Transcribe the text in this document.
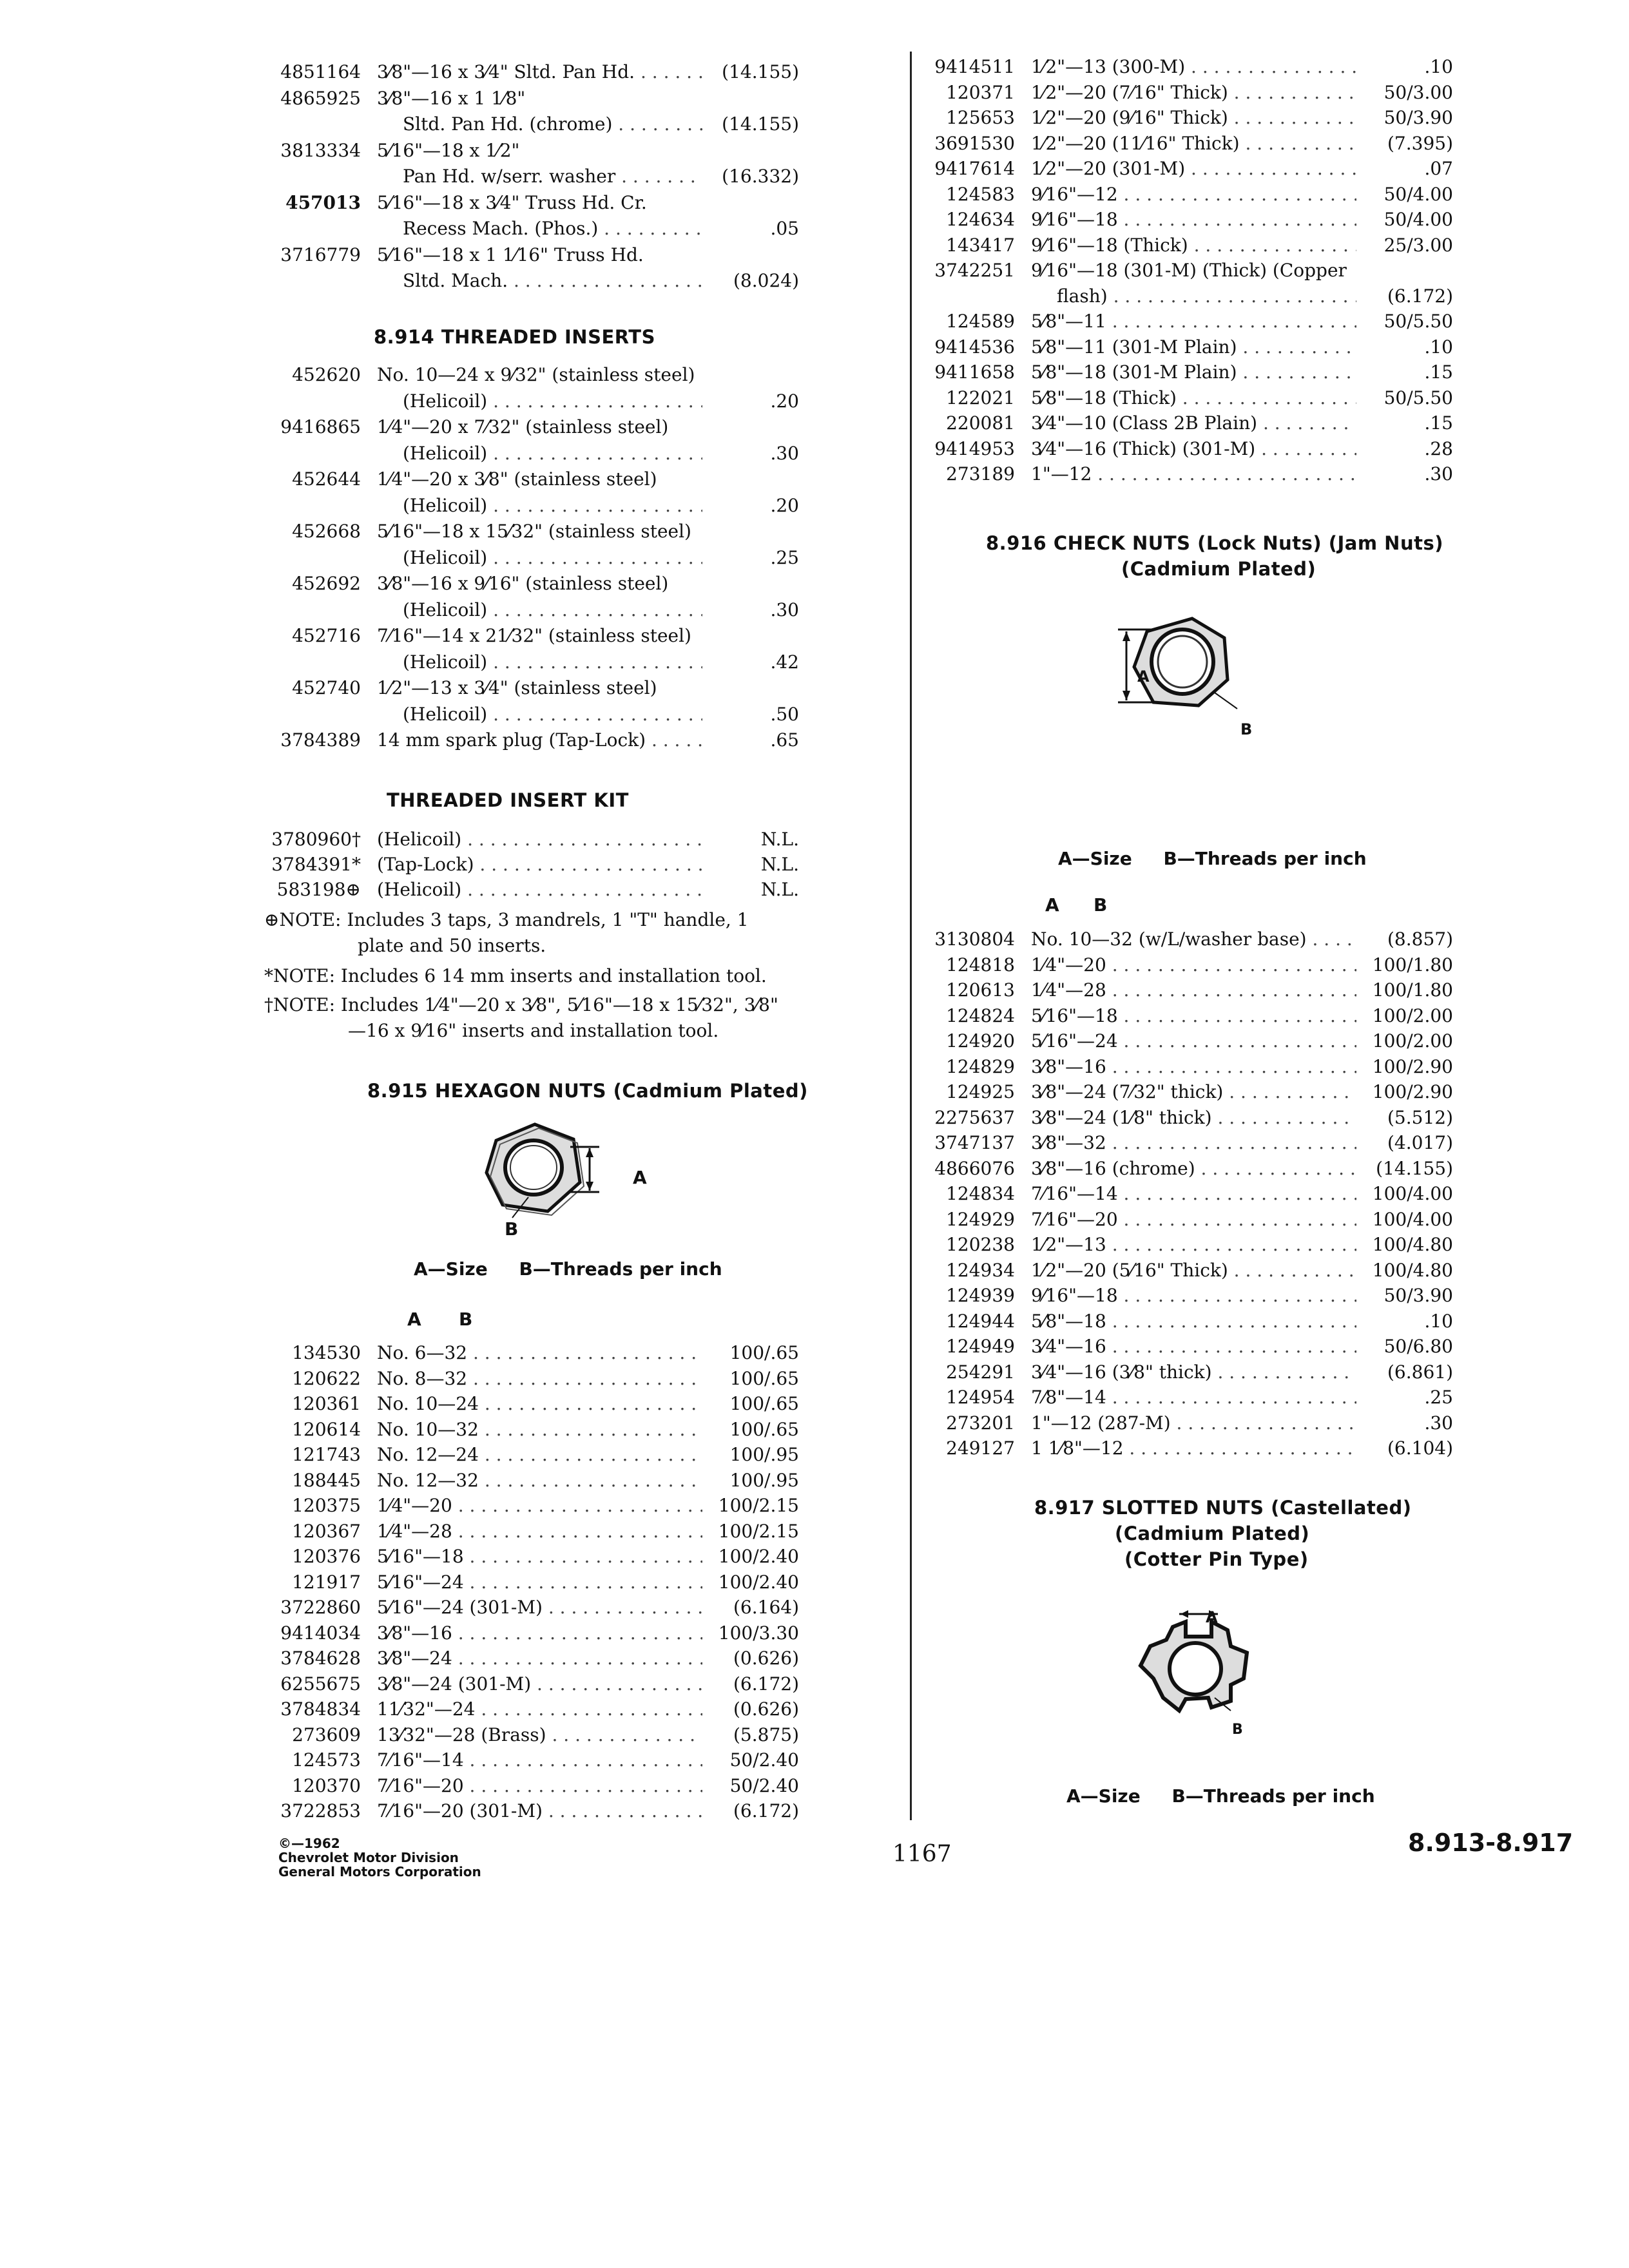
4851164 3⁄8"—16 x 3⁄4" Sltd. Pan Hd. . . .	(14.155)
4865925 3⁄8"—16 x 1 1⁄8"
Sltd. Pan Hd. (chrome) . . .	(14.155)
3813334 5⁄16"—18 x 1⁄2"
Pan Hd. w/serr. washer . . .	(16.332)
457013 5⁄16"—18 x 3⁄4" Truss Hd. Cr.
Recess Mach. (Phos.) . . .	.05
3716779 5⁄16"—18 x 1 1⁄16" Truss Hd.
Sltd. Mach. . . .	(8.024)
8.914 THREADED INSERTS
452620 No. 10—24 x 9⁄32" (stainless steel)
(Helicoil) . . .	.20
9416865 1⁄4"—20 x 7⁄32" (stainless steel)
(Helicoil) . . .	.30
452644 1⁄4"—20 x 3⁄8" (stainless steel)
(Helicoil) . . .	.20
452668 5⁄16"—18 x 15⁄32" (stainless steel)
(Helicoil) . . .	.25
452692 3⁄8"—16 x 9⁄16" (stainless steel)
(Helicoil) . . .	.30
452716 7⁄16"—14 x 21⁄32" (stainless steel)
(Helicoil) . . .	.42
452740 1⁄2"—13 x 3⁄4" (stainless steel)
(Helicoil) . . .	.50
3784389 14 mm spark plug (Tap-Lock) . . .	.65
THREADED INSERT KIT
3780960† (Helicoil) . . .	N.L.
3784391* (Tap-Lock) . . .	N.L.
583198⊕ (Helicoil) . . .	N.L.
⊕NOTE: Includes 3 taps, 3 mandrels, 1 "T" handle, 1
plate and 50 inserts.
*NOTE: Includes 6 14 mm inserts and installation tool.
†NOTE: Includes 1⁄4"—20 x 3⁄8", 5⁄16"—18 x 15⁄32", 3⁄8"
—16 x 9⁄16" inserts and installation tool.
8.915 HEXAGON NUTS (Cadmium Plated)
A
B
A—Size     B—Threads per inch
A B
134530 No. 6—32 . . .	100/.65
120622 No. 8—32 . . .	100/.65
120361 No. 10—24 . . .	100/.65
120614 No. 10—32 . . .	100/.65
121743 No. 12—24 . . .	100/.95
188445 No. 12—32 . . .	100/.95
120375 1⁄4"—20 . . .	100/2.15
120367 1⁄4"—28 . . .	100/2.15
120376 5⁄16"—18 . . .	100/2.40
121917 5⁄16"—24 . . .	100/2.40
3722860 5⁄16"—24 (301-M) . . .	(6.164)
9414034 3⁄8"—16 . . .	100/3.30
3784628 3⁄8"—24 . . .	(0.626)
6255675 3⁄8"—24 (301-M) . . .	(6.172)
3784834 11⁄32"—24 . . .	(0.626)
273609 13⁄32"—28 (Brass) . . .	(5.875)
124573 7⁄16"—14 . . .	50/2.40
120370 7⁄16"—20 . . .	50/2.40
3722853 7⁄16"—20 (301-M) . . .	(6.172)
©—1962
Chevrolet Motor Division
General Motors Corporation
1167
9414511 1⁄2"—13 (300-M) . . .	.10
120371 1⁄2"—20 (7⁄16" Thick) . . .	50/3.00
125653 1⁄2"—20 (9⁄16" Thick) . . .	50/3.90
3691530 1⁄2"—20 (11⁄16" Thick) . . .	(7.395)
9417614 1⁄2"—20 (301-M) . . .	.07
124583 9⁄16"—12 . . .	50/4.00
124634 9⁄16"—18 . . .	50/4.00
143417 9⁄16"—18 (Thick) . . .	25/3.00
3742251 9⁄16"—18 (301-M) (Thick) (Copper
flash) . . .	(6.172)
124589 5⁄8"—11 . . .	50/5.50
9414536 5⁄8"—11 (301-M Plain) . . .	.10
9411658 5⁄8"—18 (301-M Plain) . . .	.15
122021 5⁄8"—18 (Thick) . . .	50/5.50
220081 3⁄4"—10 (Class 2B Plain) . . .	.15
9414953 3⁄4"—16 (Thick) (301-M) . . .	.28
273189 1"—12 . . .	.30
8.916 CHECK NUTS (Lock Nuts) (Jam Nuts)
(Cadmium Plated)
A
B
A—Size     B—Threads per inch
A B
3130804 No. 10—32 (w/L/washer base) . . .	(8.857)
124818 1⁄4"—20 . . .	100/1.80
120613 1⁄4"—28 . . .	100/1.80
124824 5⁄16"—18 . . .	100/2.00
124920 5⁄16"—24 . . .	100/2.00
124829 3⁄8"—16 . . .	100/2.90
124925 3⁄8"—24 (7⁄32" thick) . . .	100/2.90
2275637 3⁄8"—24 (1⁄8" thick) . . .	(5.512)
3747137 3⁄8"—32 . . .	(4.017)
4866076 3⁄8"—16 (chrome) . . .	(14.155)
124834 7⁄16"—14 . . .	100/4.00
124929 7⁄16"—20 . . .	100/4.00
120238 1⁄2"—13 . . .	100/4.80
124934 1⁄2"—20 (5⁄16" Thick) . . .	100/4.80
124939 9⁄16"—18 . . .	50/3.90
124944 5⁄8"—18 . . .	.10
124949 3⁄4"—16 . . .	50/6.80
254291 3⁄4"—16 (3⁄8" thick) . . .	(6.861)
124954 7⁄8"—14 . . .	.25
273201 1"—12 (287-M) . . .	.30
249127 1 1⁄8"—12 . . .	(6.104)
8.917 SLOTTED NUTS (Castellated)
(Cadmium Plated)
(Cotter Pin Type)
A
B
A—Size     B—Threads per inch
8.913-8.917
